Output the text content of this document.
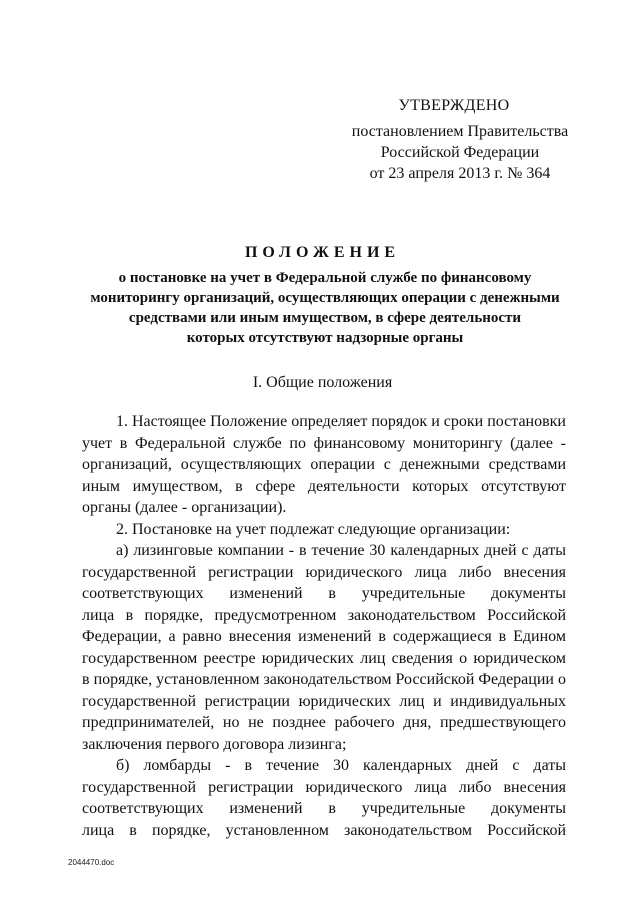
УТВЕРЖДЕНО
постановлением Правительства
Российской Федерации
от 23 апреля 2013 г. № 364
ПОЛОЖЕНИЕ
о постановке на учет в Федеральной службе по финансовому
мониторингу организаций, осуществляющих операции с денежными
средствами или иным имуществом, в сфере деятельности
которых отсутствуют надзорные органы
I. Общие положения
1. Настоящее Положение определяет порядок и сроки постановки
учет в Федеральной службе по финансовому мониторингу (далее -
организаций, осуществляющих операции с денежными средствами
иным имуществом, в сфере деятельности которых отсутствуют
органы (далее - организации).
2. Постановке на учет подлежат следующие организации:
а) лизинговые компании - в течение 30 календарных дней с даты
государственной регистрации юридического лица либо внесения
соответствующих изменений в учредительные документы
лица в порядке, предусмотренном законодательством Российской
Федерации, а равно внесения изменений в содержащиеся в Едином
государственном реестре юридических лиц сведения о юридическом
в порядке, установленном законодательством Российской Федерации о
государственной регистрации юридических лиц и индивидуальных
предпринимателей, но не позднее рабочего дня, предшествующего
заключения первого договора лизинга;
б) ломбарды - в течение 30 календарных дней с даты
государственной регистрации юридического лица либо внесения
соответствующих изменений в учредительные документы
лица в порядке, установленном законодательством Российской
2044470.doc
